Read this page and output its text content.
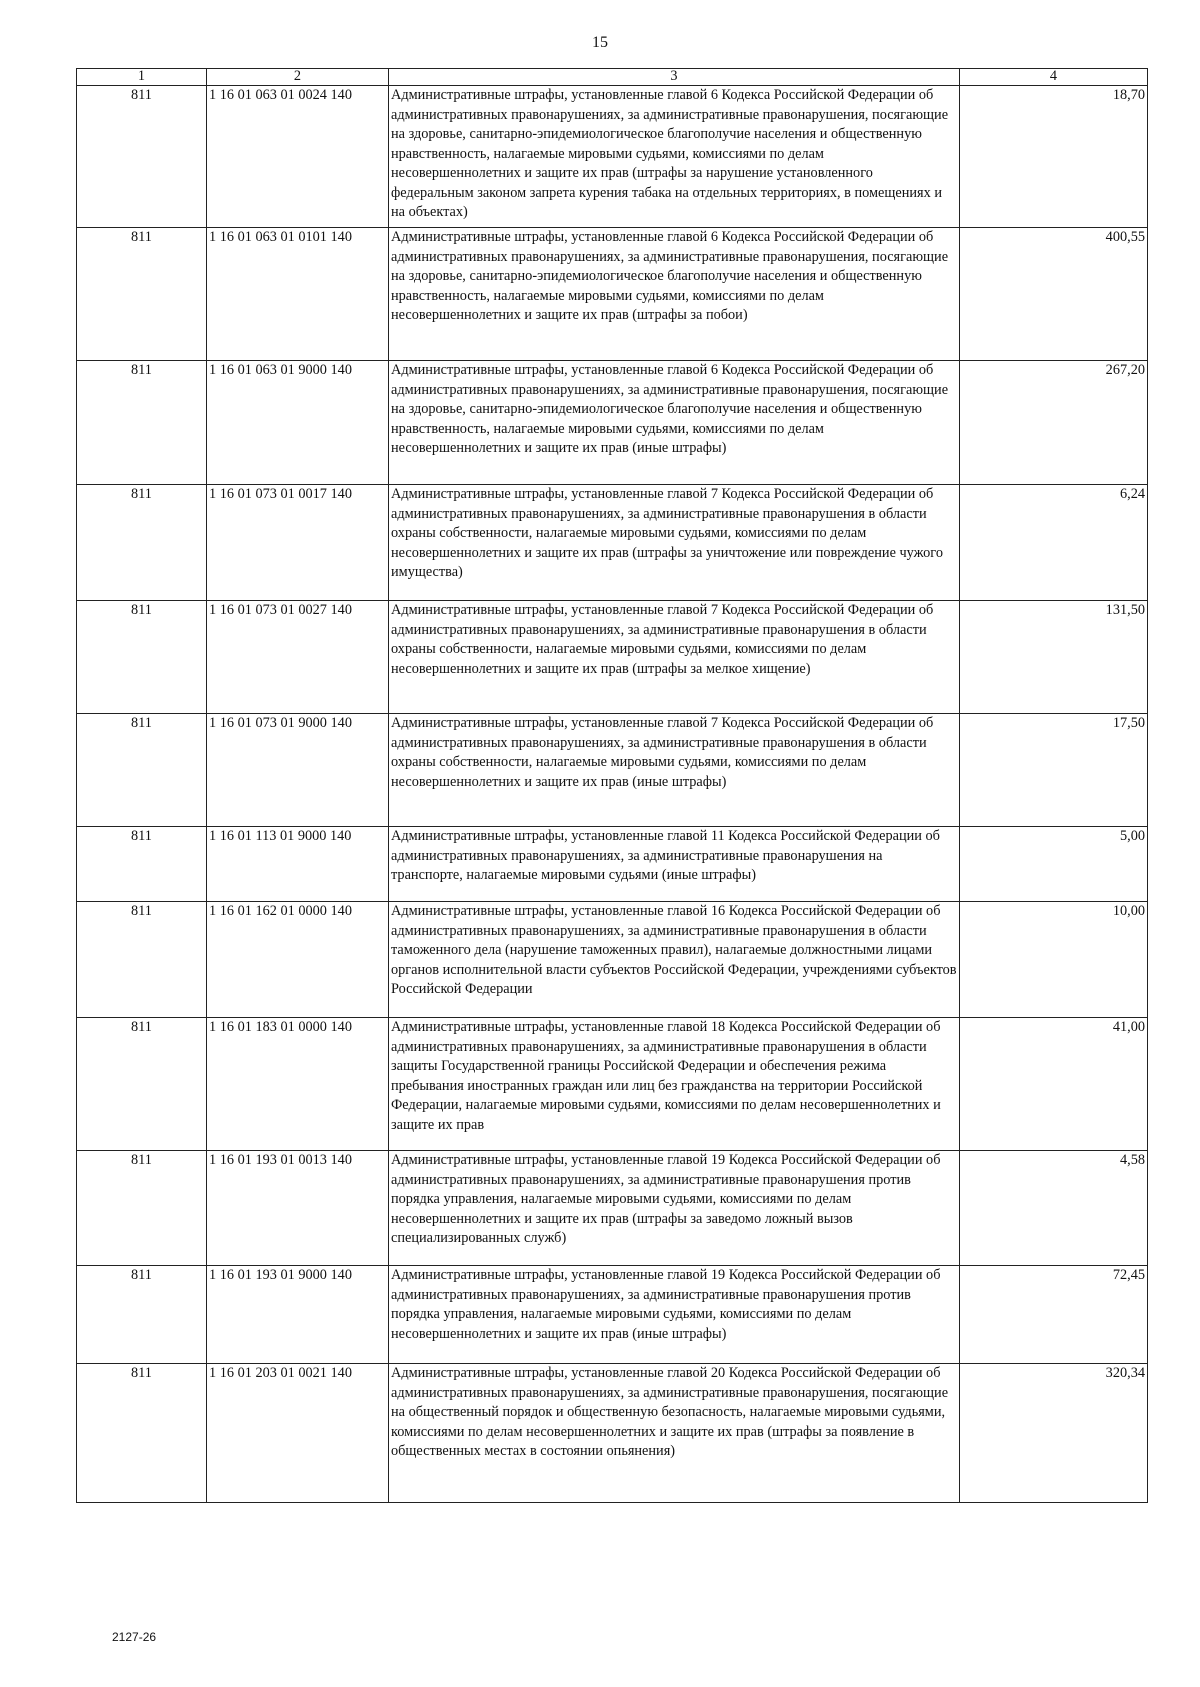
15
1	2	3	4
811	1 16 01 063 01 0024 140	Административные штрафы, установленные главой 6 Кодекса Российской Федерации об административных правонарушениях, за административные правонарушения, посягающие на здоровье, санитарно-эпидемиологическое благополучие населения и общественную нравственность, налагаемые мировыми судьями, комиссиями по делам несовершеннолетних и защите их прав (штрафы за нарушение установленного федеральным законом запрета курения табака на отдельных территориях, в помещениях и на объектах)	18,70
811	1 16 01 063 01 0101 140	Административные штрафы, установленные главой 6 Кодекса Российской Федерации об административных правонарушениях, за административные правонарушения, посягающие на здоровье, санитарно-эпидемиологическое благополучие населения и общественную нравственность, налагаемые мировыми судьями, комиссиями по делам несовершеннолетних и защите их прав (штрафы за побои)	400,55
811	1 16 01 063 01 9000 140	Административные штрафы, установленные главой 6 Кодекса Российской Федерации об административных правонарушениях, за административные правонарушения, посягающие на здоровье, санитарно-эпидемиологическое благополучие населения и общественную нравственность, налагаемые мировыми судьями, комиссиями по делам несовершеннолетних и защите их прав (иные штрафы)	267,20
811	1 16 01 073 01 0017 140	Административные штрафы, установленные главой 7 Кодекса Российской Федерации об административных правонарушениях, за административные правонарушения в области охраны собственности, налагаемые мировыми судьями, комиссиями по делам несовершеннолетних и защите их прав (штрафы за уничтожение или повреждение чужого имущества)	6,24
811	1 16 01 073 01 0027 140	Административные штрафы, установленные главой 7 Кодекса Российской Федерации об административных правонарушениях, за административные правонарушения в области охраны собственности, налагаемые мировыми судьями, комиссиями по делам несовершеннолетних и защите их прав (штрафы за мелкое хищение)	131,50
811	1 16 01 073 01 9000 140	Административные штрафы, установленные главой 7 Кодекса Российской Федерации об административных правонарушениях, за административные правонарушения в области охраны собственности, налагаемые мировыми судьями, комиссиями по делам несовершеннолетних и защите их прав (иные штрафы)	17,50
811	1 16 01 113 01 9000 140	Административные штрафы, установленные главой 11 Кодекса Российской Федерации об административных правонарушениях, за административные правонарушения на транспорте, налагаемые мировыми судьями (иные штрафы)	5,00
811	1 16 01 162 01 0000 140	Административные штрафы, установленные главой 16 Кодекса Российской Федерации об административных правонарушениях, за административные правонарушения в области таможенного дела (нарушение таможенных правил), налагаемые должностными лицами органов исполнительной власти субъектов Российской Федерации, учреждениями субъектов Российской Федерации	10,00
811	1 16 01 183 01 0000 140	Административные штрафы, установленные главой 18 Кодекса Российской Федерации об административных правонарушениях, за административные правонарушения в области защиты Государственной границы Российской Федерации и обеспечения режима пребывания иностранных граждан или лиц без гражданства на территории Российской Федерации, налагаемые мировыми судьями, комиссиями по делам несовершеннолетних и защите их прав	41,00
811	1 16 01 193 01 0013 140	Административные штрафы, установленные главой 19 Кодекса Российской Федерации об административных правонарушениях, за административные правонарушения против порядка управления, налагаемые мировыми судьями, комиссиями по делам несовершеннолетних и защите их прав (штрафы за заведомо ложный вызов специализированных служб)	4,58
811	1 16 01 193 01 9000 140	Административные штрафы, установленные главой 19 Кодекса Российской Федерации об административных правонарушениях, за административные правонарушения против порядка управления, налагаемые мировыми судьями, комиссиями по делам несовершеннолетних и защите их прав (иные штрафы)	72,45
811	1 16 01 203 01 0021 140	Административные штрафы, установленные главой 20 Кодекса Российской Федерации об административных правонарушениях, за административные правонарушения, посягающие на общественный порядок и общественную безопасность, налагаемые мировыми судьями, комиссиями по делам несовершеннолетних и защите их прав (штрафы за появление в общественных местах в состоянии опьянения)	320,34
2127-26
